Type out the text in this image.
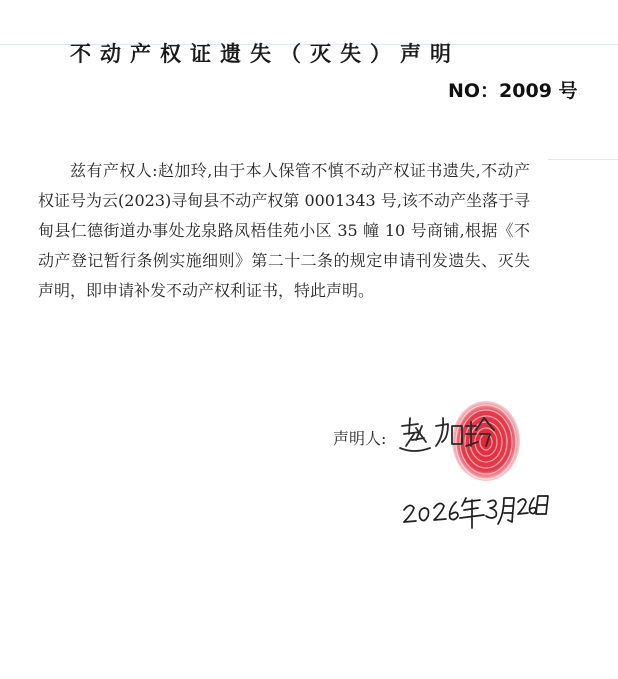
不动产权证遗失（灭失）声明
NO：2009 号

兹有产权人:赵加玲,由于本人保管不慎不动产权证书遗失,不动产权证号为云(2023)寻甸县不动产权第 0001343 号,该不动产坐落于寻甸县仁德街道办事处龙泉路凤梧佳苑小区 35 幢 10 号商铺,根据《不动产登记暂行条例实施细则》第二十二条的规定申请刊发遗失、灭失声明，即申请补发不动产权利证书，特此声明。

声明人:
